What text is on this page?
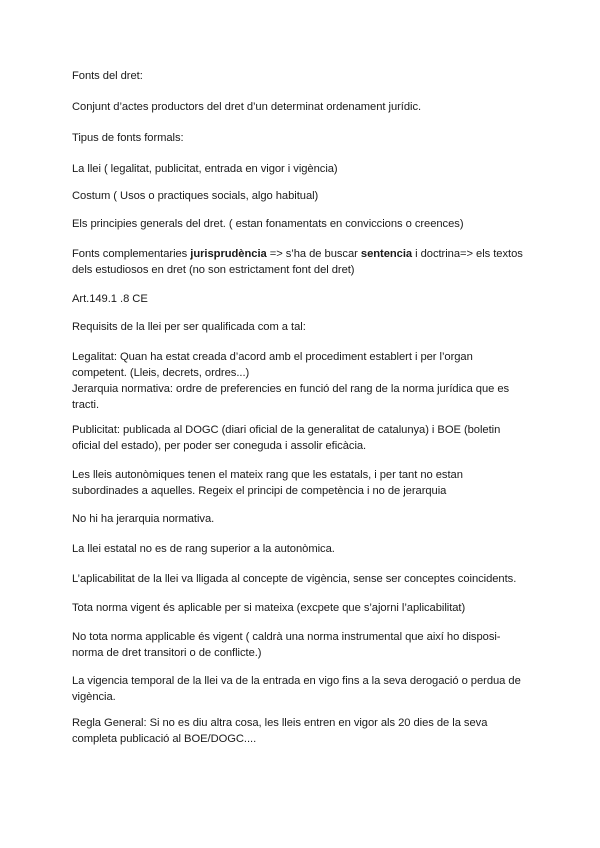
Fonts del dret:

Conjunt d’actes productors del dret d’un determinat ordenament jurídic.

Tipus de fonts formals:

La llei ( legalitat, publicitat, entrada en vigor i vigència)

Costum ( Usos o practiques socials, algo habitual)

Els principies generals del dret. ( estan fonamentats en conviccions o creences)

Fonts complementaries jurisprudència => s’ha de buscar sentencia i doctrina=> els textos
dels estudiosos en dret (no son estrictament font del dret)

Art.149.1 .8 CE

Requisits de la llei per ser qualificada com a tal:

Legalitat: Quan ha estat creada d’acord amb el procediment establert i per l’organ
competent. (Lleis, decrets, ordres...)
Jerarquia normativa: ordre de preferencies en funció del rang de la norma jurídica que es
tracti.

Publicitat: publicada al DOGC (diari oficial de la generalitat de catalunya) i BOE (boletin
oficial del estado), per poder ser coneguda i assolir eficàcia.

Les lleis autonòmiques tenen el mateix rang que les estatals, i per tant no estan
subordinades a aquelles. Regeix el principi de competència i no de jerarquia

No hi ha jerarquia normativa.

La llei estatal no es de rang superior a la autonòmica.

L’aplicabilitat de la llei va lligada al concepte de vigència, sense ser conceptes coincidents.

Tota norma vigent és aplicable per si mateixa (excpete que s’ajorni l’aplicabilitat)

No tota norma applicable és vigent ( caldrà una norma instrumental que així ho disposi-
norma de dret transitori o de conflicte.)

La vigencia temporal de la llei va de la entrada en vigo fins a la seva derogació o perdua de
vigència.

Regla General: Si no es diu altra cosa, les lleis entren en vigor als 20 dies de la seva
completa publicació al BOE/DOGC....
